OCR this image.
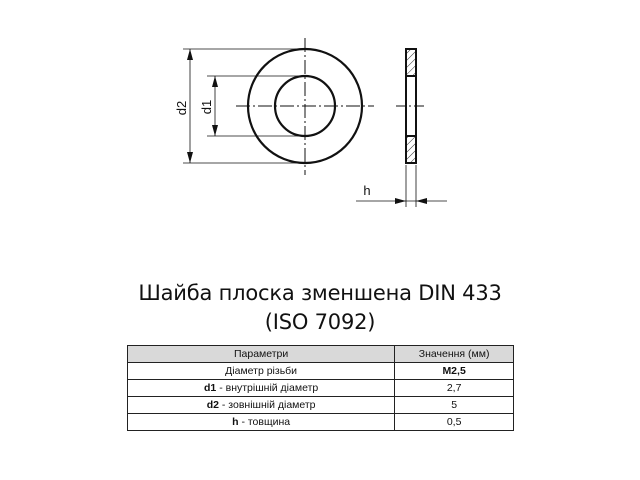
d2 d1
h
Шайба плоска зменшена DIN 433
(ISO 7092)
Параметри	Значення (мм)
Діаметр різьби	M2,5
d1 - внутрішній діаметр	2,7
d2 - зовнішній діаметр	5
h - товщина	0,5
